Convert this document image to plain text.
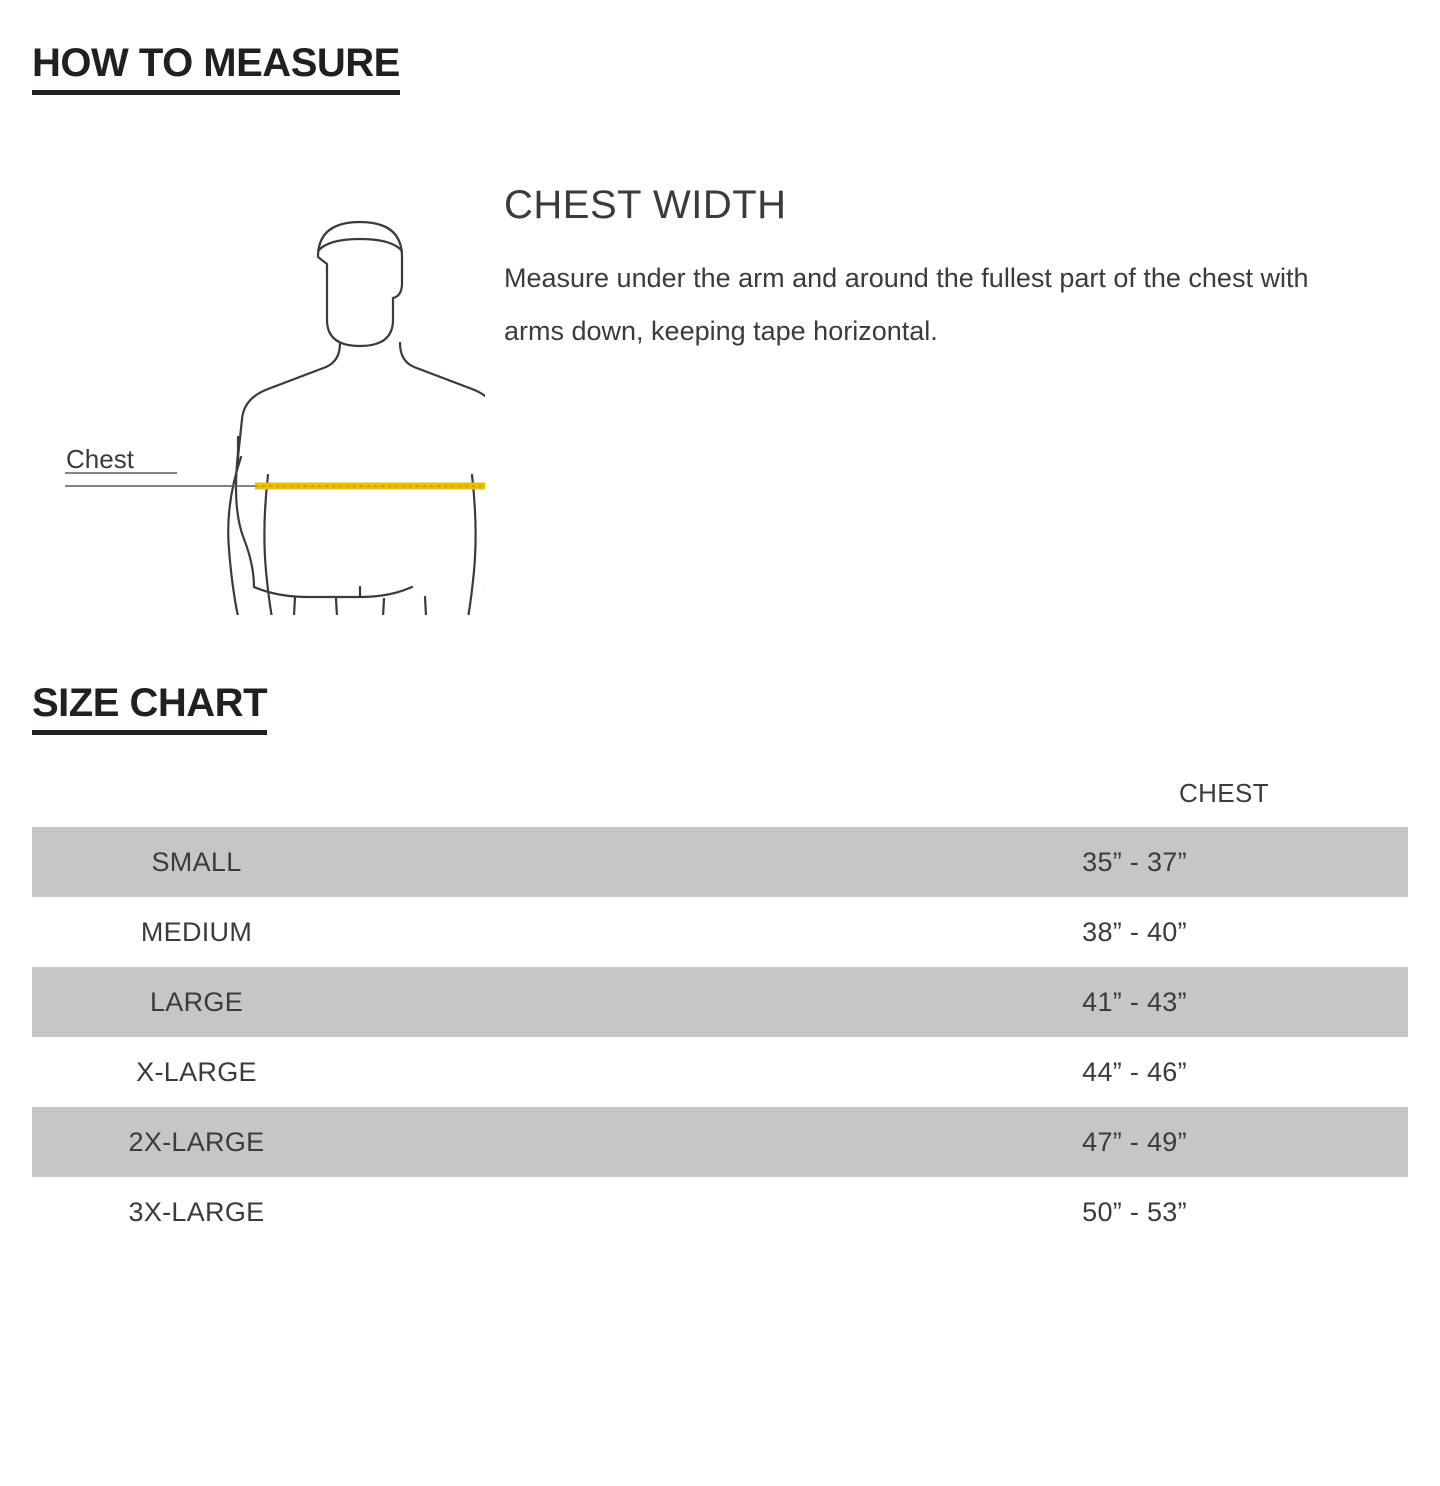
HOW TO MEASURE
Chest
CHEST WIDTH

Measure under the arm and around the fullest part of the chest with arms down, keeping tape horizontal.

SIZE CHART
	CHEST
SMALL	35” - 37”
MEDIUM	38” - 40”
LARGE	41” - 43”
X-LARGE	44” - 46”
2X-LARGE	47” - 49”
3X-LARGE	50” - 53”
